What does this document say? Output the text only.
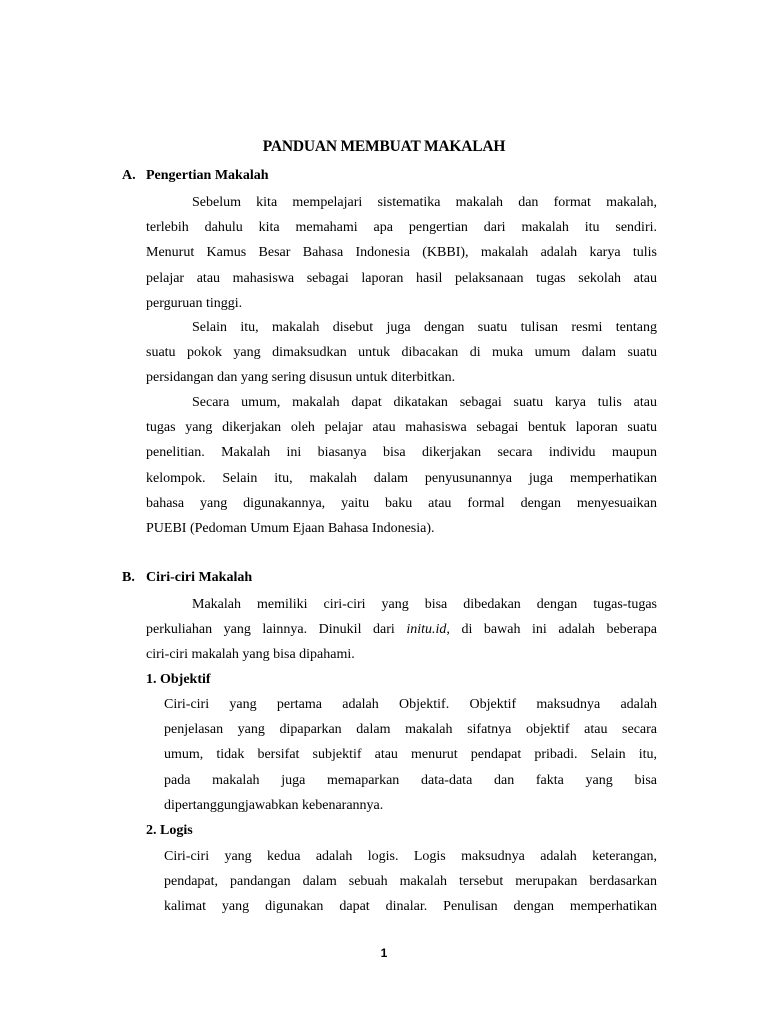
PANDUAN MEMBUAT MAKALAH
A. Pengertian Makalah
Sebelum kita mempelajari sistematika makalah dan format makalah,
terlebih dahulu kita memahami apa pengertian dari makalah itu sendiri.
Menurut Kamus Besar Bahasa Indonesia (KBBI), makalah adalah karya tulis
pelajar atau mahasiswa sebagai laporan hasil pelaksanaan tugas sekolah atau
perguruan tinggi.
Selain itu, makalah disebut juga dengan suatu tulisan resmi tentang
suatu pokok yang dimaksudkan untuk dibacakan di muka umum dalam suatu
persidangan dan yang sering disusun untuk diterbitkan.
Secara umum, makalah dapat dikatakan sebagai suatu karya tulis atau
tugas yang dikerjakan oleh pelajar atau mahasiswa sebagai bentuk laporan suatu
penelitian. Makalah ini biasanya bisa dikerjakan secara individu maupun
kelompok. Selain itu, makalah dalam penyusunannya juga memperhatikan
bahasa yang digunakannya, yaitu baku atau formal dengan menyesuaikan
PUEBI (Pedoman Umum Ejaan Bahasa Indonesia).
B. Ciri-ciri Makalah
Makalah memiliki ciri-ciri yang bisa dibedakan dengan tugas-tugas
perkuliahan yang lainnya. Dinukil dari initu.id, di bawah ini adalah beberapa
ciri-ciri makalah yang bisa dipahami.
1. Objektif
Ciri-ciri yang pertama adalah Objektif. Objektif maksudnya adalah
penjelasan yang dipaparkan dalam makalah sifatnya objektif atau secara
umum, tidak bersifat subjektif atau menurut pendapat pribadi. Selain itu,
pada makalah juga memaparkan data-data dan fakta yang bisa
dipertanggungjawabkan kebenarannya.
2. Logis
Ciri-ciri yang kedua adalah logis. Logis maksudnya adalah keterangan,
pendapat, pandangan dalam sebuah makalah tersebut merupakan berdasarkan
kalimat yang digunakan dapat dinalar. Penulisan dengan memperhatikan
1
